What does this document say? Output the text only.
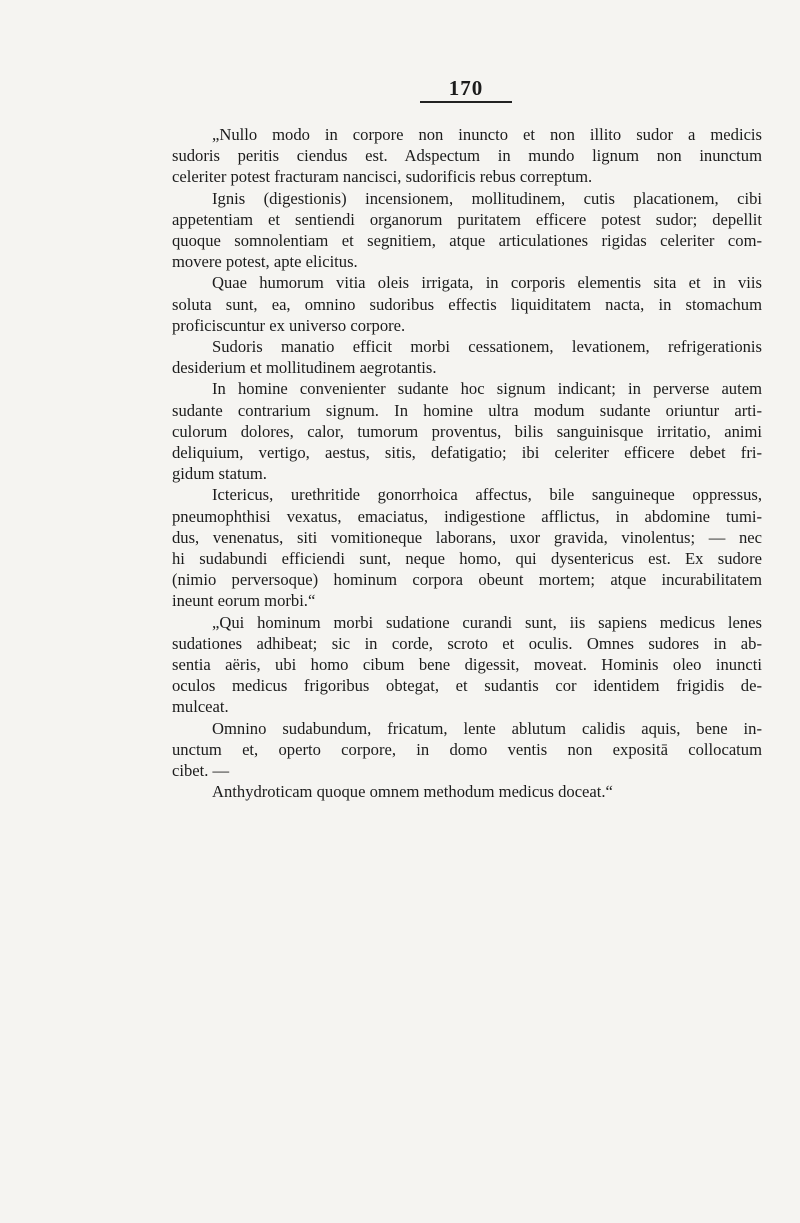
170
„Nullo modo in corpore non inuncto et non illito sudor a medicis
sudoris peritis ciendus est. Adspectum in mundo lignum non inunctum
celeriter potest fracturam nancisci, sudorificis rebus correptum.
Ignis (digestionis) incensionem, mollitudinem, cutis placationem, cibi
appetentiam et sentiendi organorum puritatem efficere potest sudor; depellit
quoque somnolentiam et segnitiem, atque articulationes rigidas celeriter com-
movere potest, apte elicitus.
Quae humorum vitia oleis irrigata, in corporis elementis sita et in viis
soluta sunt, ea, omnino sudoribus effectis liquiditatem nacta, in stomachum
proficiscuntur ex universo corpore.
Sudoris manatio efficit morbi cessationem, levationem, refrigerationis
desiderium et mollitudinem aegrotantis.
In homine convenienter sudante hoc signum indicant; in perverse autem
sudante contrarium signum. In homine ultra modum sudante oriuntur arti-
culorum dolores, calor, tumorum proventus, bilis sanguinisque irritatio, animi
deliquium, vertigo, aestus, sitis, defatigatio; ibi celeriter efficere debet fri-
gidum statum.
Ictericus, urethritide gonorrhoica affectus, bile sanguineque oppressus,
pneumophthisi vexatus, emaciatus, indigestione afflictus, in abdomine tumi-
dus, venenatus, siti vomitioneque laborans, uxor gravida, vinolentus; — nec
hi sudabundi efficiendi sunt, neque homo, qui dysentericus est. Ex sudore
(nimio perversoque) hominum corpora obeunt mortem; atque incurabilitatem
ineunt eorum morbi.“
„Qui hominum morbi sudatione curandi sunt, iis sapiens medicus lenes
sudationes adhibeat; sic in corde, scroto et oculis. Omnes sudores in ab-
sentia aëris, ubi homo cibum bene digessit, moveat. Hominis oleo inuncti
oculos medicus frigoribus obtegat, et sudantis cor identidem frigidis de-
mulceat.
Omnino sudabundum, fricatum, lente ablutum calidis aquis, bene in-
unctum et, operto corpore, in domo ventis non expositā collocatum
cibet. —
Anthydroticam quoque omnem methodum medicus doceat.“
